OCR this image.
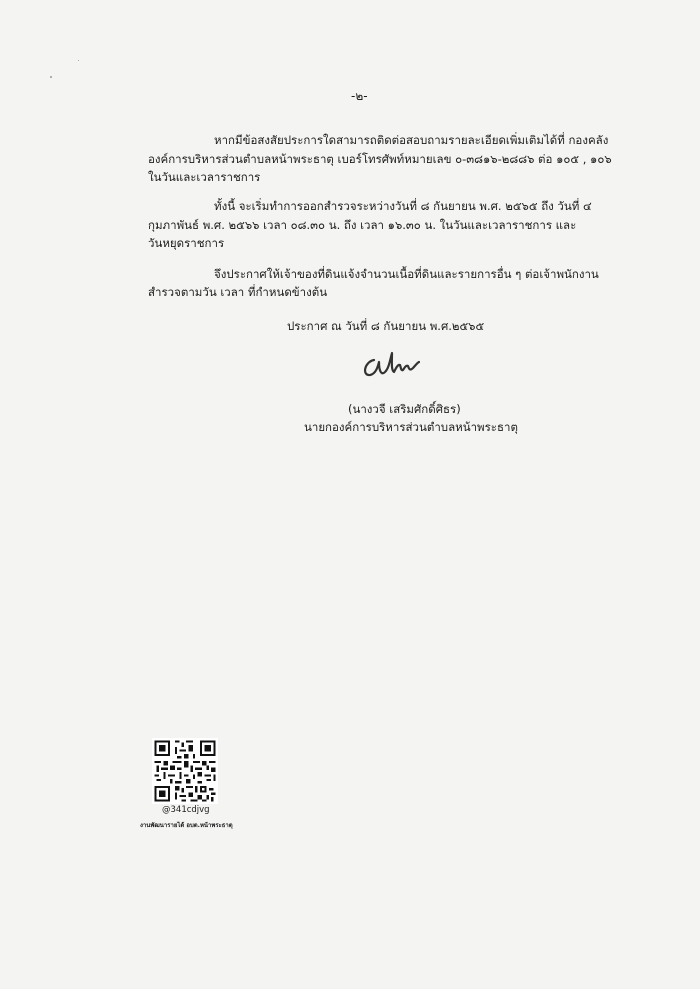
-๒-
หากมีข้อสงสัยประการใดสามารถติดต่อสอบถามรายละเอียดเพิ่มเติมได้ที่ กองคลัง
องค์การบริหารส่วนตำบลหน้าพระธาตุ เบอร์โทรศัพท์หมายเลข ๐-๓๘๑๖-๒๘๘๖ ต่อ ๑๐๕ , ๑๐๖
ในวันและเวลาราชการ
ทั้งนี้ จะเริ่มทำการออกสำรวจระหว่างวันที่ ๘ กันยายน พ.ศ. ๒๕๖๕ ถึง วันที่ ๔
กุมภาพันธ์ พ.ศ. ๒๕๖๖ เวลา ๐๘.๓๐ น. ถึง เวลา ๑๖.๓๐ น. ในวันและเวลาราชการ และ
วันหยุดราชการ
จึงประกาศให้เจ้าของที่ดินแจ้งจำนวนเนื้อที่ดินและรายการอื่น ๆ ต่อเจ้าพนักงาน
สำรวจตามวัน เวลา ที่กำหนดข้างต้น
ประกาศ ณ วันที่ ๘ กันยายน พ.ศ.๒๕๖๕
(นางวจี เสริมศักดิ์ศิธร)
นายกองค์การบริหารส่วนตำบลหน้าพระธาตุ
@341cdjvg
งานพัฒนารายได้ อบต.หน้าพระธาตุ
